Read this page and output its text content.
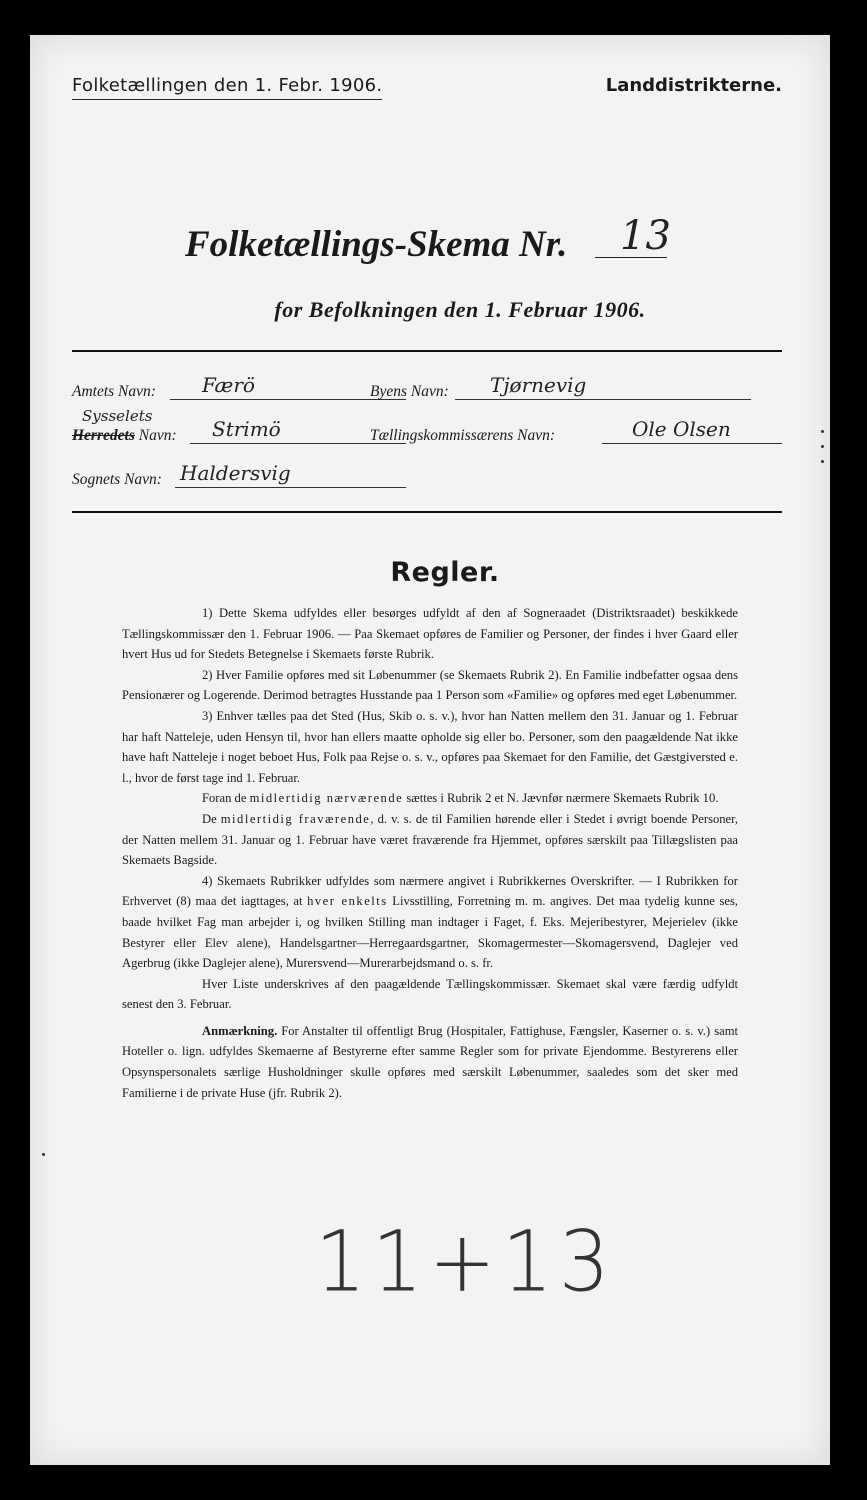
Folketællingen den 1. Febr. 1906.	Landdistrikterne.
Folketællings-Skema Nr. 13
for Befolkningen den 1. Februar 1906.
Amtets Navn: Færö	Byens Navn: Tjørnevig
Sysselets
Herredets Navn: Strimö	Tællingskommissærens Navn:	Ole Olsen
Sognets Navn: Haldersvig
Regler.

1) Dette Skema udfyldes eller besørges udfyldt af den af Sogneraadet (Distriktsraadet) beskikkede Tællingskommissær den 1. Februar 1906. — Paa Skemaet opføres de Familier og Personer, der findes i hver Gaard eller hvert Hus ud for Stedets Betegnelse i Skemaets første Rubrik.

2) Hver Familie opføres med sit Løbenummer (se Skemaets Rubrik 2). En Familie indbefatter ogsaa dens Pensionærer og Logerende. Derimod betragtes Husstande paa 1 Person som «Familie» og opføres med eget Løbenummer.

3) Enhver tælles paa det Sted (Hus, Skib o. s. v.), hvor han Natten mellem den 31. Januar og 1. Februar har haft Natteleje, uden Hensyn til, hvor han ellers maatte opholde sig eller bo. Personer, som den paagældende Nat ikke have haft Natteleje i noget beboet Hus, Folk paa Rejse o. s. v., opføres paa Skemaet for den Familie, det Gæstgiversted e. l., hvor de først tage ind 1. Februar.

Foran de midlertidig nærværende sættes i Rubrik 2 et N. Jævnfør nærmere Skemaets Rubrik 10.

De midlertidig fraværende, d. v. s. de til Familien hørende eller i Stedet i øvrigt boende Personer, der Natten mellem 31. Januar og 1. Februar have været fraværende fra Hjemmet, opføres særskilt paa Tillægslisten paa Skemaets Bagside.

4) Skemaets Rubrikker udfyldes som nærmere angivet i Rubrikkernes Overskrifter. — I Rubrikken for Erhvervet (8) maa det iagttages, at hver enkelts Livsstilling, Forretning m. m. angives. Det maa tydelig kunne ses, baade hvilket Fag man arbejder i, og hvilken Stilling man indtager i Faget, f. Eks. Mejeribestyrer, Mejerielev (ikke Bestyrer eller Elev alene), Handelsgartner—Herregaardsgartner, Skomagermester—Skomagersvend, Daglejer ved Agerbrug (ikke Daglejer alene), Murersvend—Murerarbejdsmand o. s. fr.

Hver Liste underskrives af den paagældende Tællingskommissær. Skemaet skal være færdig udfyldt senest den 3. Februar.

Anmærkning. For Anstalter til offentligt Brug (Hospitaler, Fattighuse, Fængsler, Kaserner o. s. v.) samt Hoteller o. lign. udfyldes Skemaerne af Bestyrerne efter samme Regler som for private Ejendomme. Bestyrerens eller Opsynspersonalets særlige Husholdninger skulle opføres med særskilt Løbenummer, saaledes som det sker med Familierne i de private Huse (jfr. Rubrik 2).

11+13
